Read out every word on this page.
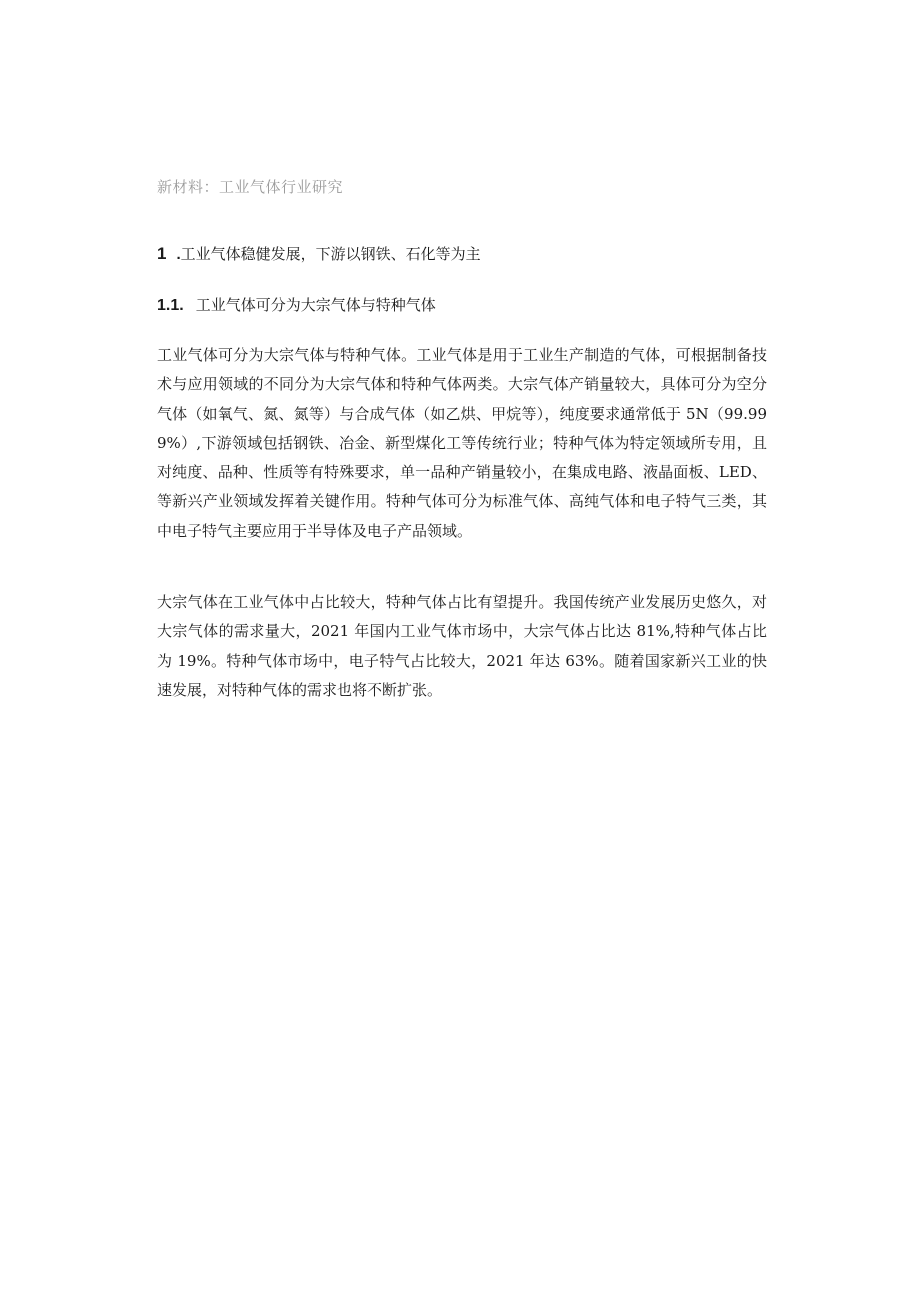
新材料：工业气体行业研究
1 .工业气体稳健发展，下游以钢铁、石化等为主
1.1. 工业气体可分为大宗气体与特种气体

工业气体可分为大宗气体与特种气体。工业气体是用于工业生产制造的气体，可根据制备技术与应用领域的不同分为大宗气体和特种气体两类。大宗气体产销量较大，具体可分为空分气体（如氧气、氮、氮等）与合成气体（如乙烘、甲烷等），纯度要求通常低于 5N（99.999%）,下游领域包括钢铁、冶金、新型煤化工等传统行业；特种气体为特定领域所专用，且对纯度、品种、性质等有特殊要求，单一品种产销量较小，在集成电路、液晶面板、LED、等新兴产业领域发挥着关键作用。特种气体可分为标准气体、高纯气体和电子特气三类，其中电子特气主要应用于半导体及电子产品领域。

大宗气体在工业气体中占比较大，特种气体占比有望提升。我国传统产业发展历史悠久，对大宗气体的需求量大，2021 年国内工业气体市场中，大宗气体占比达 81%,特种气体占比为 19%。特种气体市场中，电子特气占比较大，2021 年达 63%。随着国家新兴工业的快速发展，对特种气体的需求也将不断扩张。
